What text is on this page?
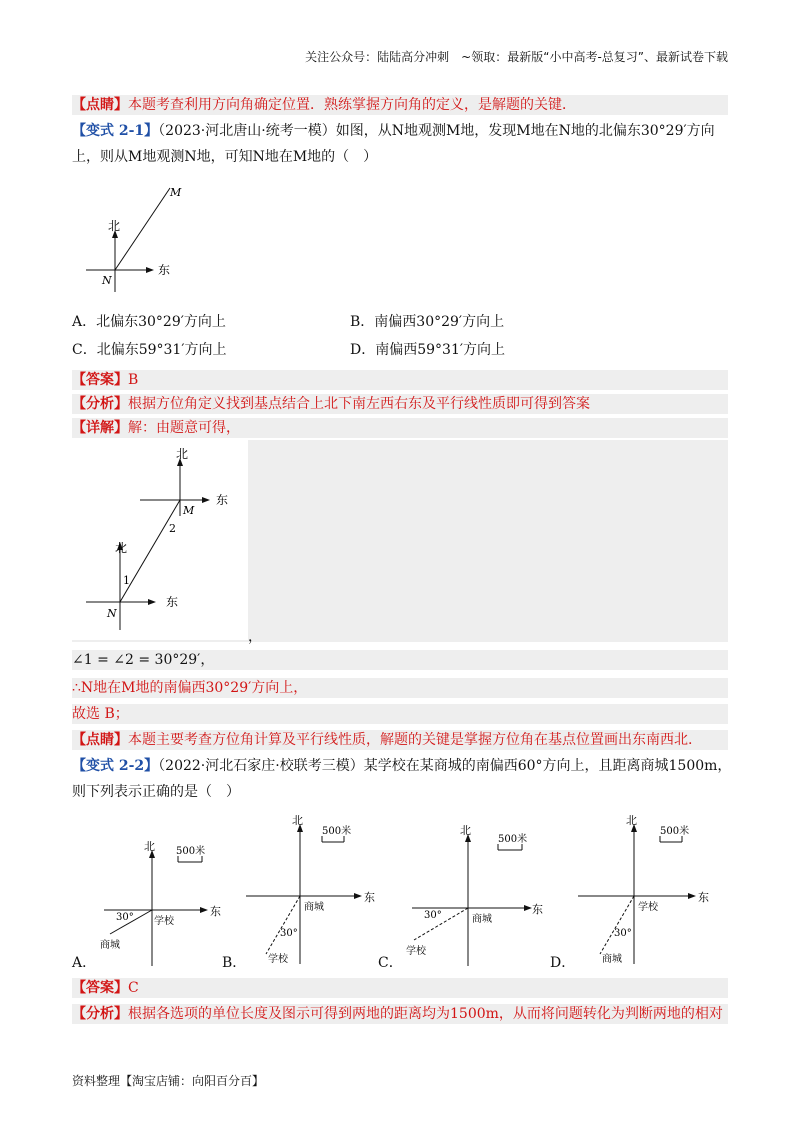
关注公众号：陆陆高分冲刺　~领取：最新版“小中高考-总复习”、最新试卷下载
【点睛】本题考查利用方向角确定位置．熟练掌握方向角的定义，是解题的关键．
【变式 2-1】（2023·河北唐山·统考一模）如图，从N地观测M地，发现M地在N地的北偏东30°29′方向
上，则从M地观测N地，可知N地在M地的（　）
北
东
N
M
A．北偏东30°29′方向上	B．南偏西30°29′方向上
C．北偏东59°31′方向上	D．南偏西59°31′方向上
【答案】B
【分析】根据方位角定义找到基点结合上北下南左西右东及平行线性质即可得到答案
【详解】解：由题意可得，
北
东
M
2
北
1
N
东
，
∠1 = ∠2 = 30°29′，
∴N地在M地的南偏西30°29′方向上，
故选 B；
【点睛】本题主要考查方位角计算及平行线性质，解题的关键是掌握方位角在基点位置画出东南西北.
【变式 2-2】（2022·河北石家庄·校联考三模）某学校在某商城的南偏西60°方向上，且距离商城1500m，
则下列表示正确的是（　）
北
东
500米
30° 学校
商城
A．
北
东
500米
30°
商城
学校
B．
北
东
500米
30°	商城
学校
C．
北
东
500米
30°
学校
商城
D．
【答案】C
【分析】根据各选项的单位长度及图示可得到两地的距离均为1500m，从而将问题转化为判断两地的相对
资料整理【淘宝店铺：向阳百分百】
